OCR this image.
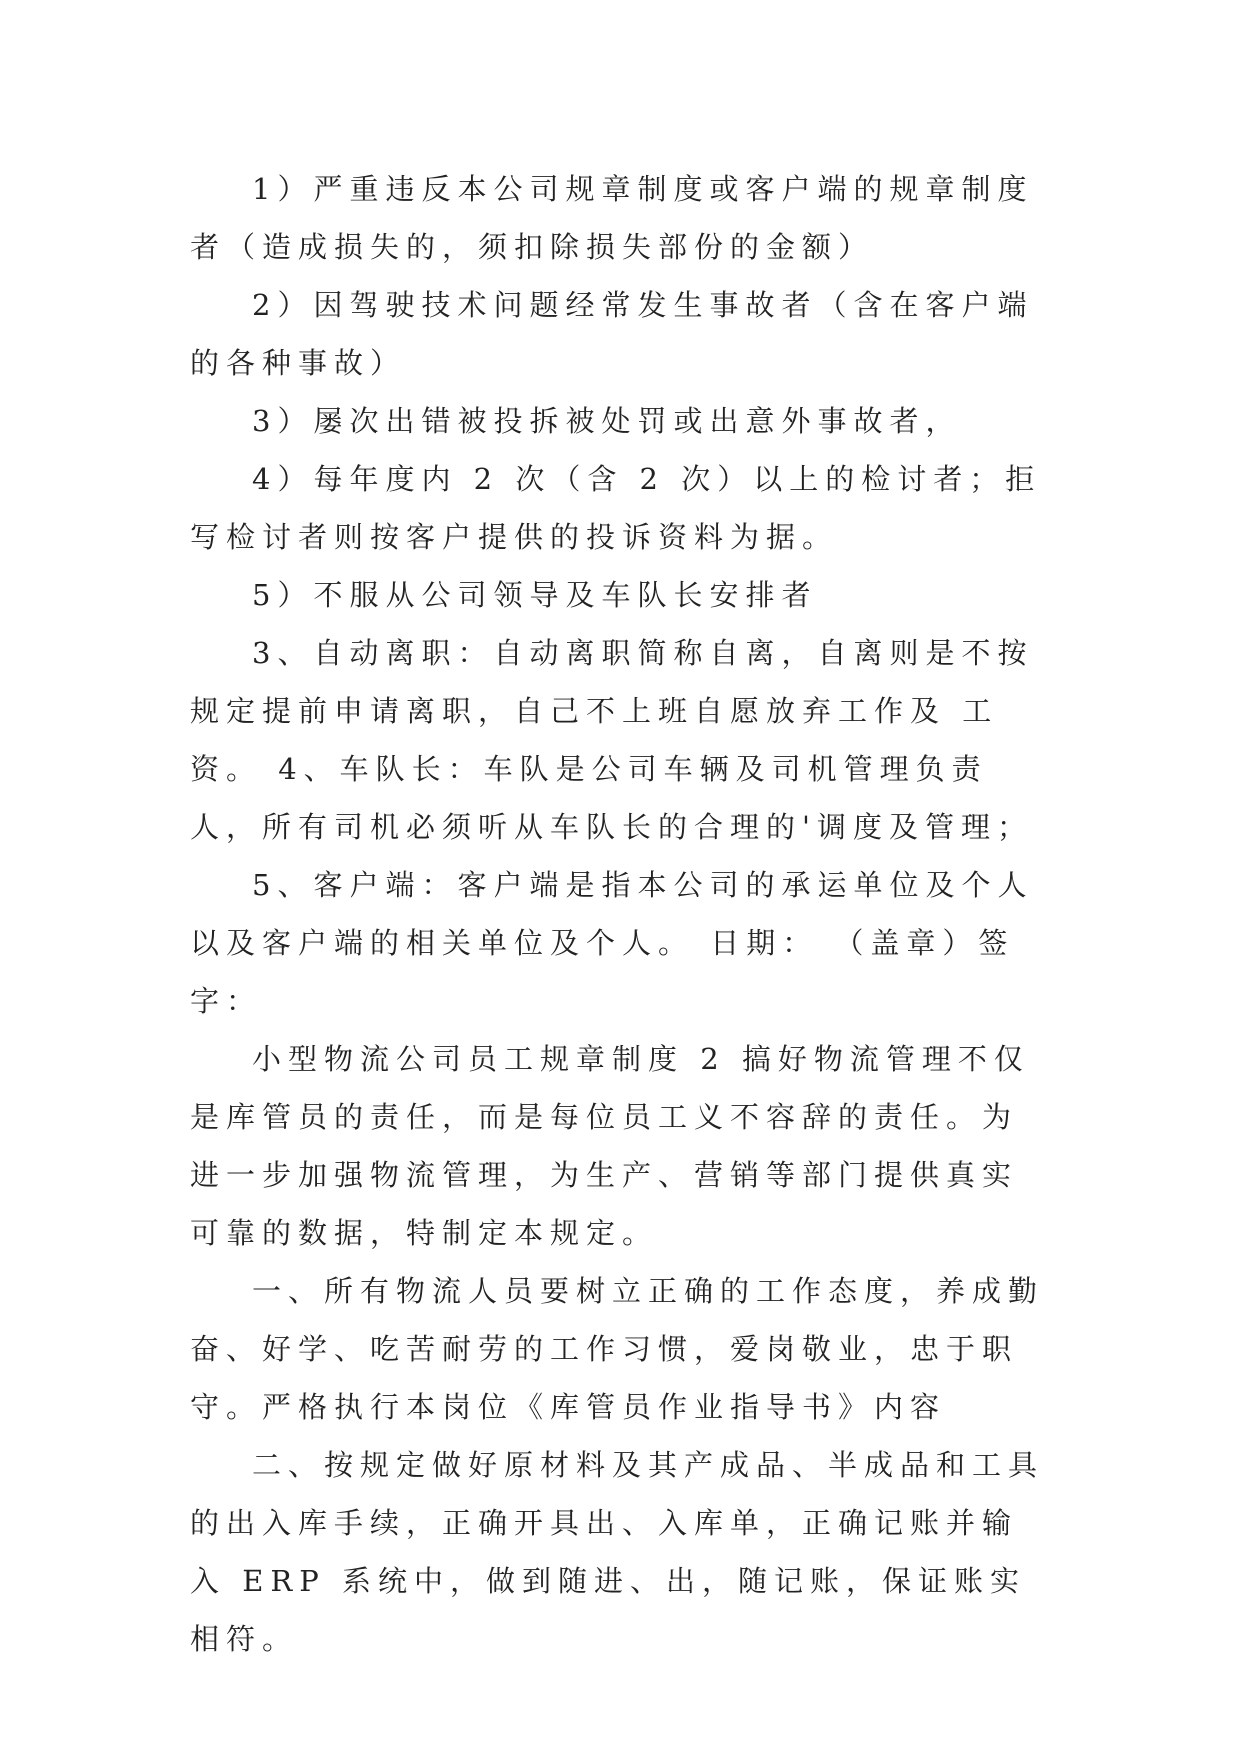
1）严重违反本公司规章制度或客户端的规章制度者（造成损失的，须扣除损失部份的金额）

2）因驾驶技术问题经常发生事故者（含在客户端的各种事故）

3）屡次出错被投拆被处罚或出意外事故者，

4）每年度内 2 次（含 2 次）以上的检讨者；拒写检讨者则按客户提供的投诉资料为据。

5）不服从公司领导及车队长安排者

3、自动离职：自动离职简称自离，自离则是不按规定提前申请离职，自己不上班自愿放弃工作及 工资。 4、车队长：车队是公司车辆及司机管理负责人，所有司机必须听从车队长的合理的'调度及管理；

5、客户端：客户端是指本公司的承运单位及个人以及客户端的相关单位及个人。 日期： （盖章）签字：

小型物流公司员工规章制度 2 搞好物流管理不仅是库管员的责任，而是每位员工义不容辞的责任。为进一步加强物流管理，为生产、营销等部门提供真实可靠的数据，特制定本规定。

一、所有物流人员要树立正确的工作态度，养成勤奋、好学、吃苦耐劳的工作习惯，爱岗敬业，忠于职守。严格执行本岗位《库管员作业指导书》内容

二、按规定做好原材料及其产成品、半成品和工具的出入库手续，正确开具出、入库单，正确记账并输入 ERP 系统中，做到随进、出，随记账，保证账实相符。
